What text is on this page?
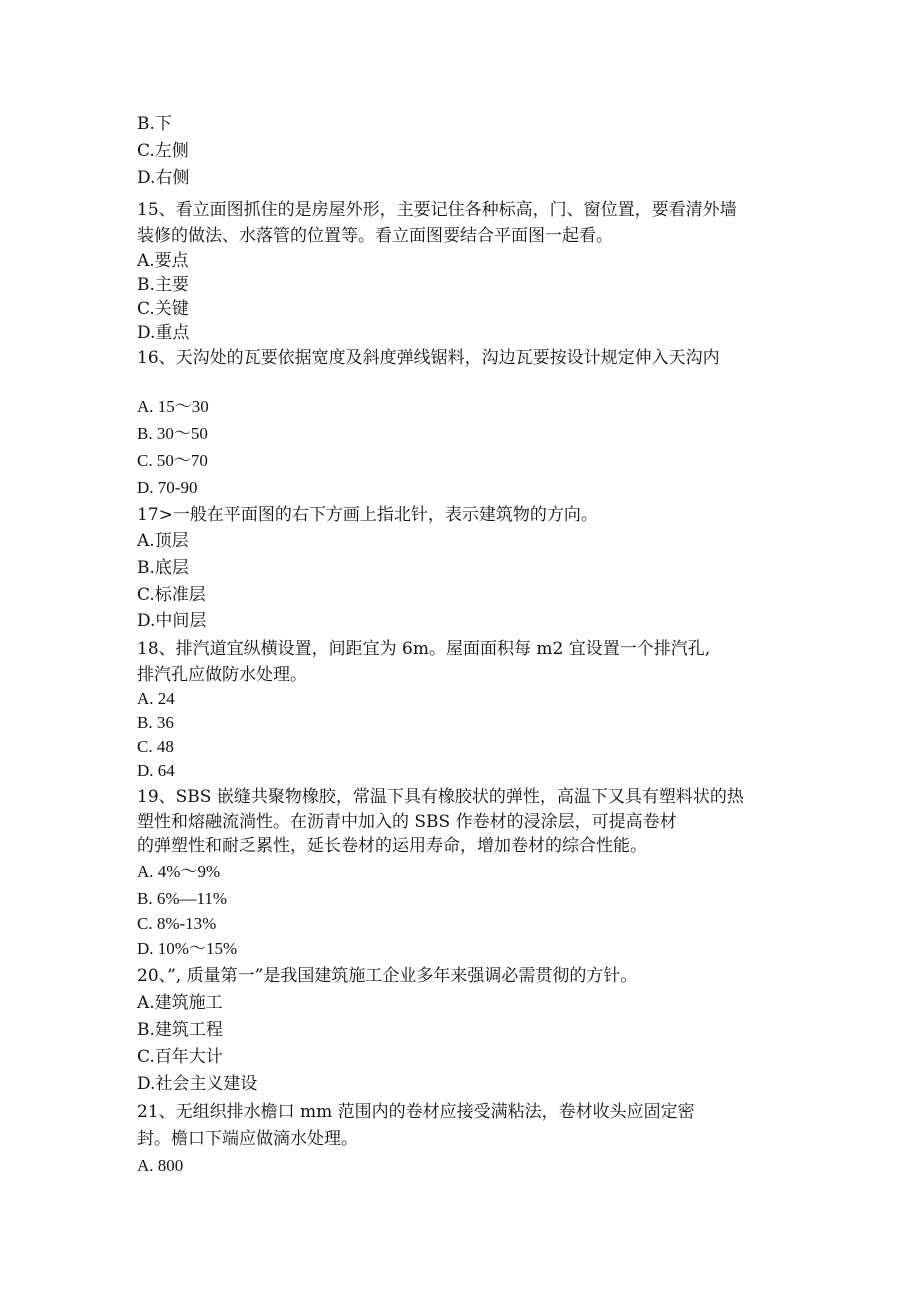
B.下
C.左侧
D.右侧
15、看立面图抓住的是房屋外形，主要记住各种标高，门、窗位置，要看清外墙
装修的做法、水落管的位置等。看立面图要结合平面图一起看。
A.要点
B.主要
C.关键
D.重点
16、天沟处的瓦要依据宽度及斜度弹线锯料，沟边瓦要按设计规定伸入天沟内
A. 15～30
B. 30～50
C. 50～70
D. 70-90
17>一般在平面图的右下方画上指北针，表示建筑物的方向。
A.顶层
B.底层
C.标准层
D.中间层
18、排汽道宜纵横设置，间距宜为 6m。屋面面积每 m2 宜设置一个排汽孔,
排汽孔应做防水处理。
A. 24
B. 36
C. 48
D. 64
19、SBS 嵌缝共聚物橡胶，常温下具有橡胶状的弹性，高温下又具有塑料状的热
塑性和熔融流淌性。在沥青中加入的 SBS 作卷材的浸涂层，可提高卷材
的弹塑性和耐乏累性，延长卷材的运用寿命，增加卷材的综合性能。
A. 4%～9%
B. 6%—11%
C. 8%-13%
D. 10%～15%
20、”, 质量第一”是我国建筑施工企业多年来强调必需贯彻的方针。
A.建筑施工
B.建筑工程
C.百年大计
D.社会主义建设
21、无组织排水檐口 mm 范围内的卷材应接受满粘法，卷材收头应固定密
封。檐口下端应做滴水处理。
A. 800
